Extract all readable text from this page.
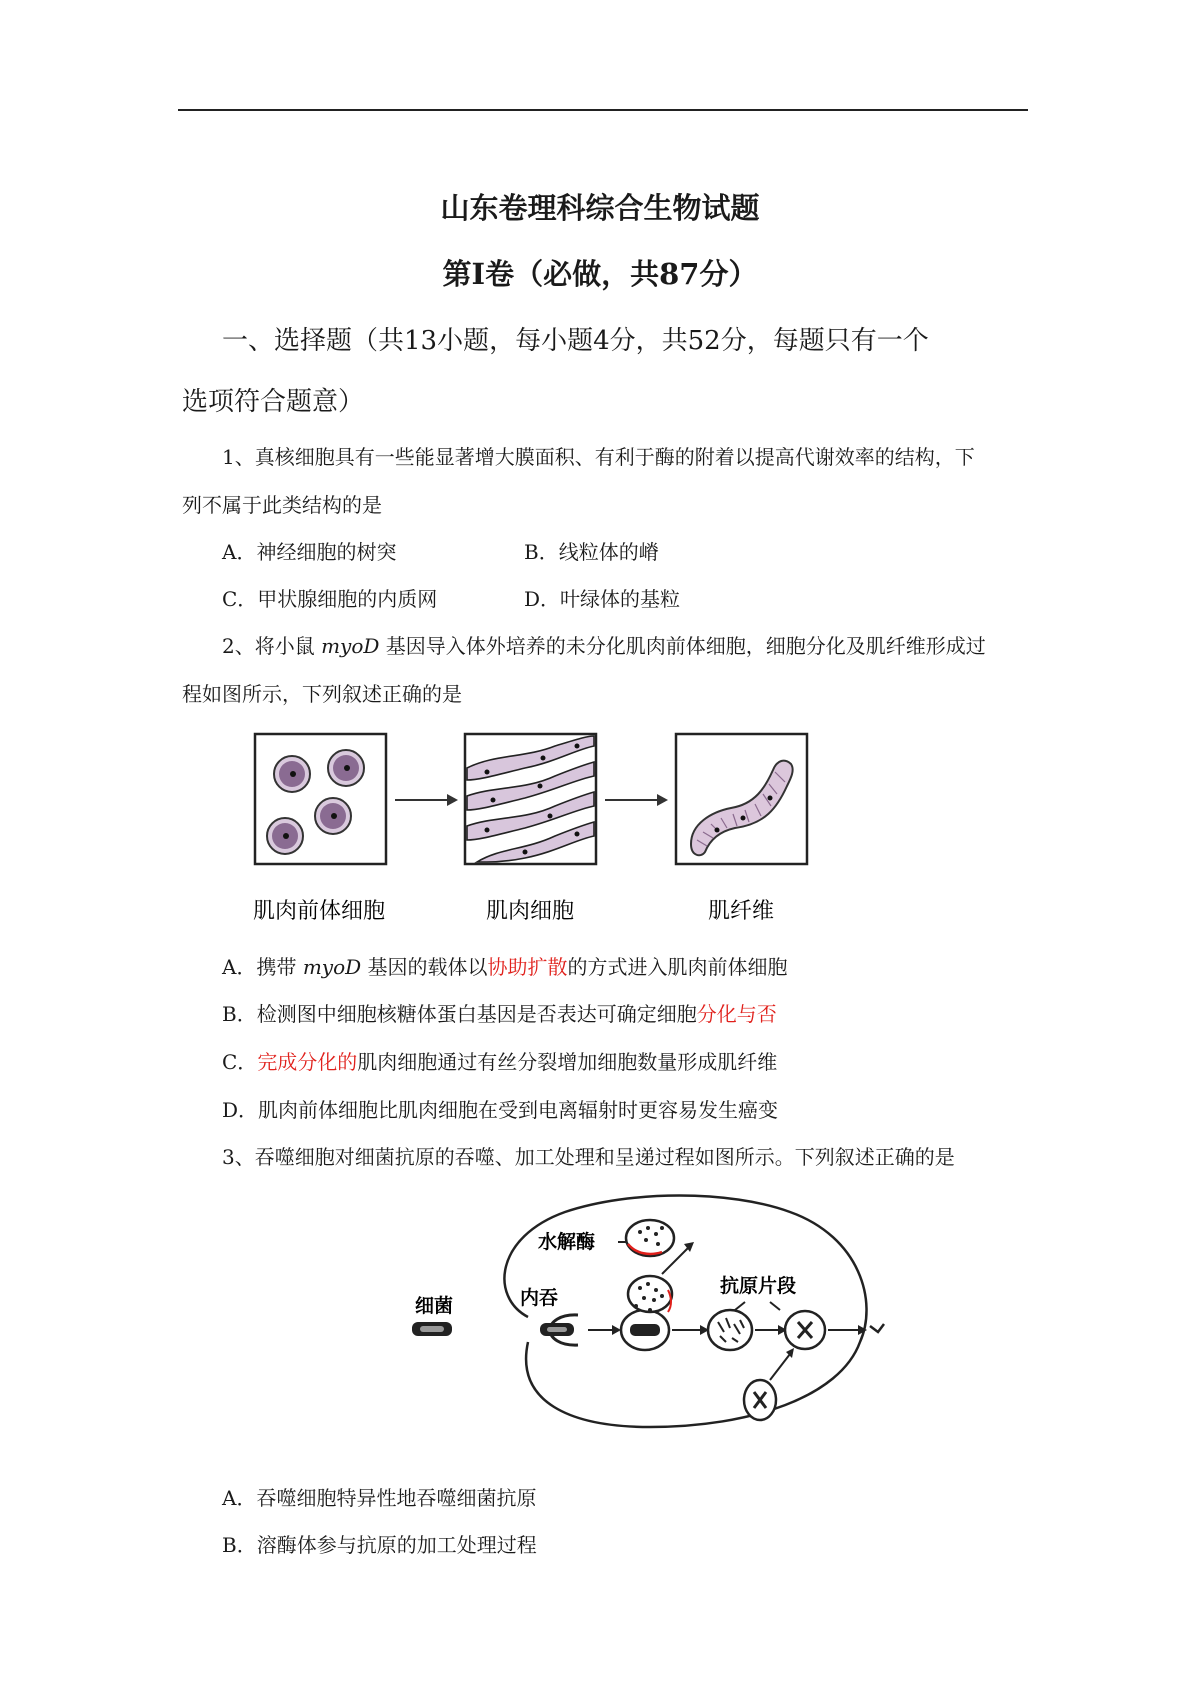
山东卷理科综合生物试题
第I卷（必做，共87分）
一、选择题（共13小题，每小题4分，共52分，每题只有一个
选项符合题意）
1、真核细胞具有一些能显著增大膜面积、有利于酶的附着以提高代谢效率的结构，下
列不属于此类结构的是
A．神经细胞的树突	B．线粒体的嵴
C．甲状腺细胞的内质网	D．叶绿体的基粒
2、将小鼠 myoD 基因导入体外培养的未分化肌肉前体细胞，细胞分化及肌纤维形成过
程如图所示，下列叙述正确的是
肌肉前体细胞	肌肉细胞	肌纤维
A．携带 myoD 基因的载体以协助扩散的方式进入肌肉前体细胞
B．检测图中细胞核糖体蛋白基因是否表达可确定细胞分化与否
C．完成分化的肌肉细胞通过有丝分裂增加细胞数量形成肌纤维
D．肌肉前体细胞比肌肉细胞在受到电离辐射时更容易发生癌变
3、吞噬细胞对细菌抗原的吞噬、加工处理和呈递过程如图所示。下列叙述正确的是
细菌	内吞
水解酶
抗原片段
A．吞噬细胞特异性地吞噬细菌抗原
B．溶酶体参与抗原的加工处理过程
